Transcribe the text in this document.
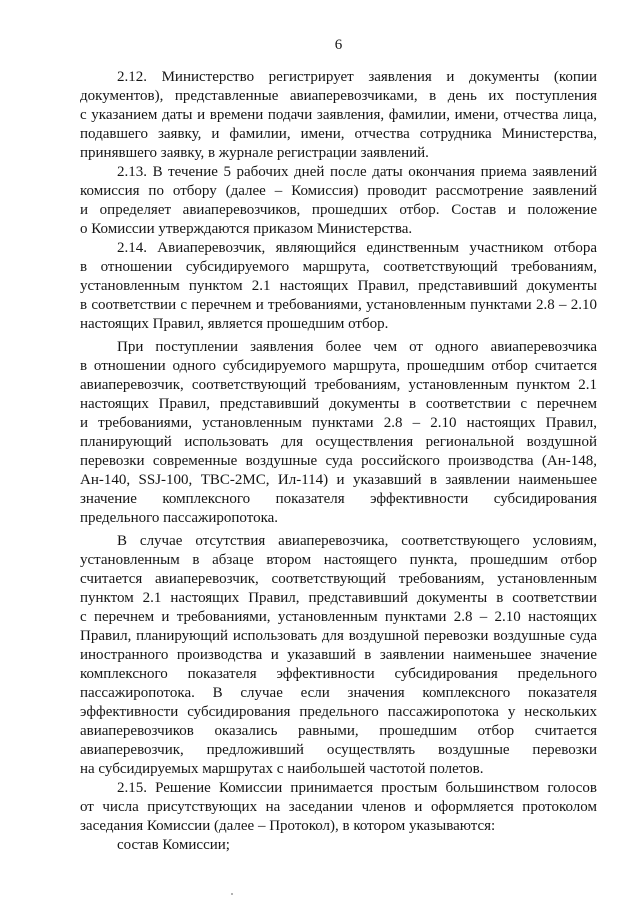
6
2.12. Министерство регистрирует заявления и документы (копии
документов), представленные авиаперевозчиками, в день их поступления
с указанием даты и времени подачи заявления, фамилии, имени, отчества лица,
подавшего заявку, и фамилии, имени, отчества сотрудника Министерства,
принявшего заявку, в журнале регистрации заявлений.
2.13. В течение 5 рабочих дней после даты окончания приема заявлений
комиссия по отбору (далее – Комиссия) проводит рассмотрение заявлений
и определяет авиаперевозчиков, прошедших отбор. Состав и положение
о Комиссии утверждаются приказом Министерства.
2.14. Авиаперевозчик, являющийся единственным участником отбора
в отношении субсидируемого маршрута, соответствующий требованиям,
установленным пунктом 2.1 настоящих Правил, представивший документы
в соответствии с перечнем и требованиями, установленным пунктами 2.8 – 2.10
настоящих Правил, является прошедшим отбор.
При поступлении заявления более чем от одного авиаперевозчика
в отношении одного субсидируемого маршрута, прошедшим отбор считается
авиаперевозчик, соответствующий требованиям, установленным пунктом 2.1
настоящих Правил, представивший документы в соответствии с перечнем
и требованиями, установленным пунктами 2.8 – 2.10 настоящих Правил,
планирующий использовать для осуществления региональной воздушной
перевозки современные воздушные суда российского производства (Ан-148,
Ан-140, SSJ-100, ТВС-2МС, Ил-114) и указавший в заявлении наименьшее
значение комплексного показателя эффективности субсидирования
предельного пассажиропотока.
В случае отсутствия авиаперевозчика, соответствующего условиям,
установленным в абзаце втором настоящего пункта, прошедшим отбор
считается авиаперевозчик, соответствующий требованиям, установленным
пунктом 2.1 настоящих Правил, представивший документы в соответствии
с перечнем и требованиями, установленным пунктами 2.8 – 2.10 настоящих
Правил, планирующий использовать для воздушной перевозки воздушные суда
иностранного производства и указавший в заявлении наименьшее значение
комплексного показателя эффективности субсидирования предельного
пассажиропотока. В случае если значения комплексного показателя
эффективности субсидирования предельного пассажиропотока у нескольких
авиаперевозчиков оказались равными, прошедшим отбор считается
авиаперевозчик, предложивший осуществлять воздушные перевозки
на субсидируемых маршрутах с наибольшей частотой полетов.
2.15. Решение Комиссии принимается простым большинством голосов
от числа присутствующих на заседании членов и оформляется протоколом
заседания Комиссии (далее – Протокол), в котором указываются:
состав Комиссии;
